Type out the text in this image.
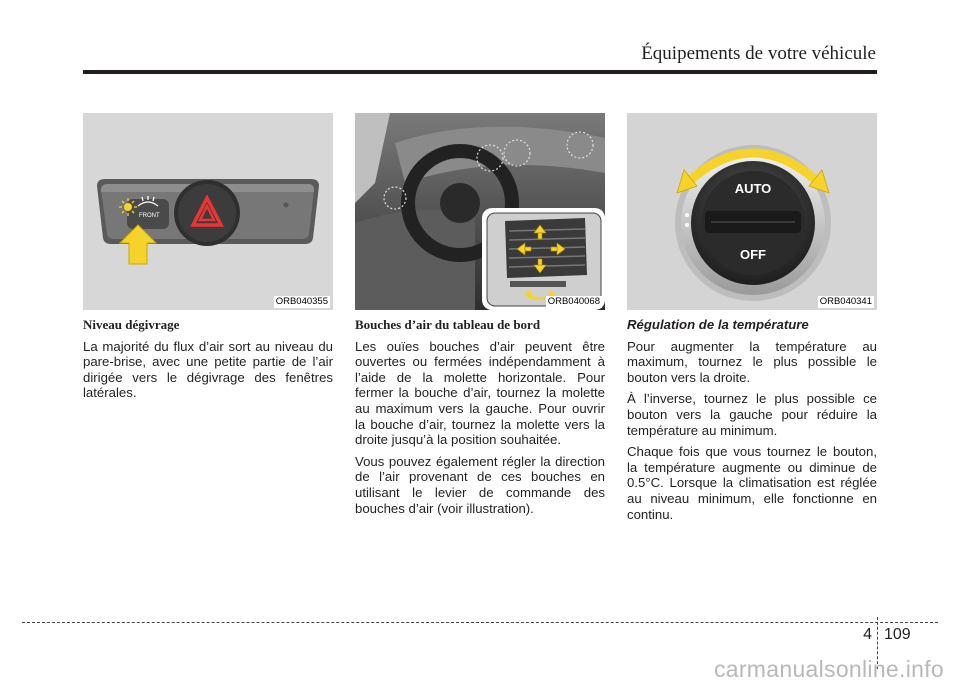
Équipements de votre véhicule
FRONT
ORB040355	ORB040068
AUTO
OFF
ORB040341

Niveau dégivrage

La majorité du flux d’air sort au niveau du pare-brise, avec une petite partie de l’air dirigée vers le dégivrage des fenêtres latérales.

Bouches d’air du tableau de bord

Les ouïes bouches d’air peuvent être ouvertes ou fermées indépendamment à l’aide de la molette horizontale. Pour fermer la bouche d’air, tournez la molette au maximum vers la gauche. Pour ouvrir la bouche d’air, tournez la molette vers la droite jusqu’à la position souhaitée.

Vous pouvez également régler la direction de l’air provenant de ces bouches en utilisant le levier de commande des bouches d’air (voir illustration).

Régulation de la température

Pour augmenter la température au maximum, tournez le plus possible le bouton vers la droite.

À l’inverse, tournez le plus possible ce bouton vers la gauche pour réduire la température au minimum.

Chaque fois que vous tournez le bouton, la température augmente ou diminue de 0.5°C. Lorsque la climatisation est réglée au niveau minimum, elle fonctionne en continu.

4 109
carmanualsonline.info
